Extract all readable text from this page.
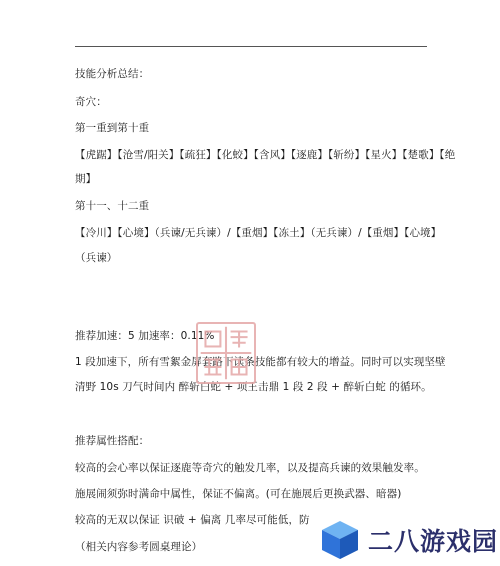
技能分析总结：
奇穴：
第一重到第十重
【虎踞】【沧雪/阳关】【疏狂】【化蛟】【含风】【逐鹿】【斩纷】【星火】【楚歌】【绝
期】
第十一、十二重
【冷川】【心境】（兵谏/无兵谏）/【重烟】【冻土】（无兵谏）/【重烟】【心境】
（兵谏）
推荐加速：5 加速率：0.11%
1 段加速下，所有雪絮金屏套路下读条技能都有较大的增益。同时可以实现坚壁
清野 10s 刀气时间内 醉斩白蛇 + 项王击鼎 1 段 2 段 + 醉斩白蛇 的循环。
推荐属性搭配：
较高的会心率以保证逐鹿等奇穴的触发几率，以及提高兵谏的效果触发率。
施展闹须弥时满命中属性，保证不偏离。(可在施展后更换武器、暗器)
较高的无双以保证 识破 + 偏离 几率尽可能低，防
（相关内容参考圆桌理论）	二八游戏园
